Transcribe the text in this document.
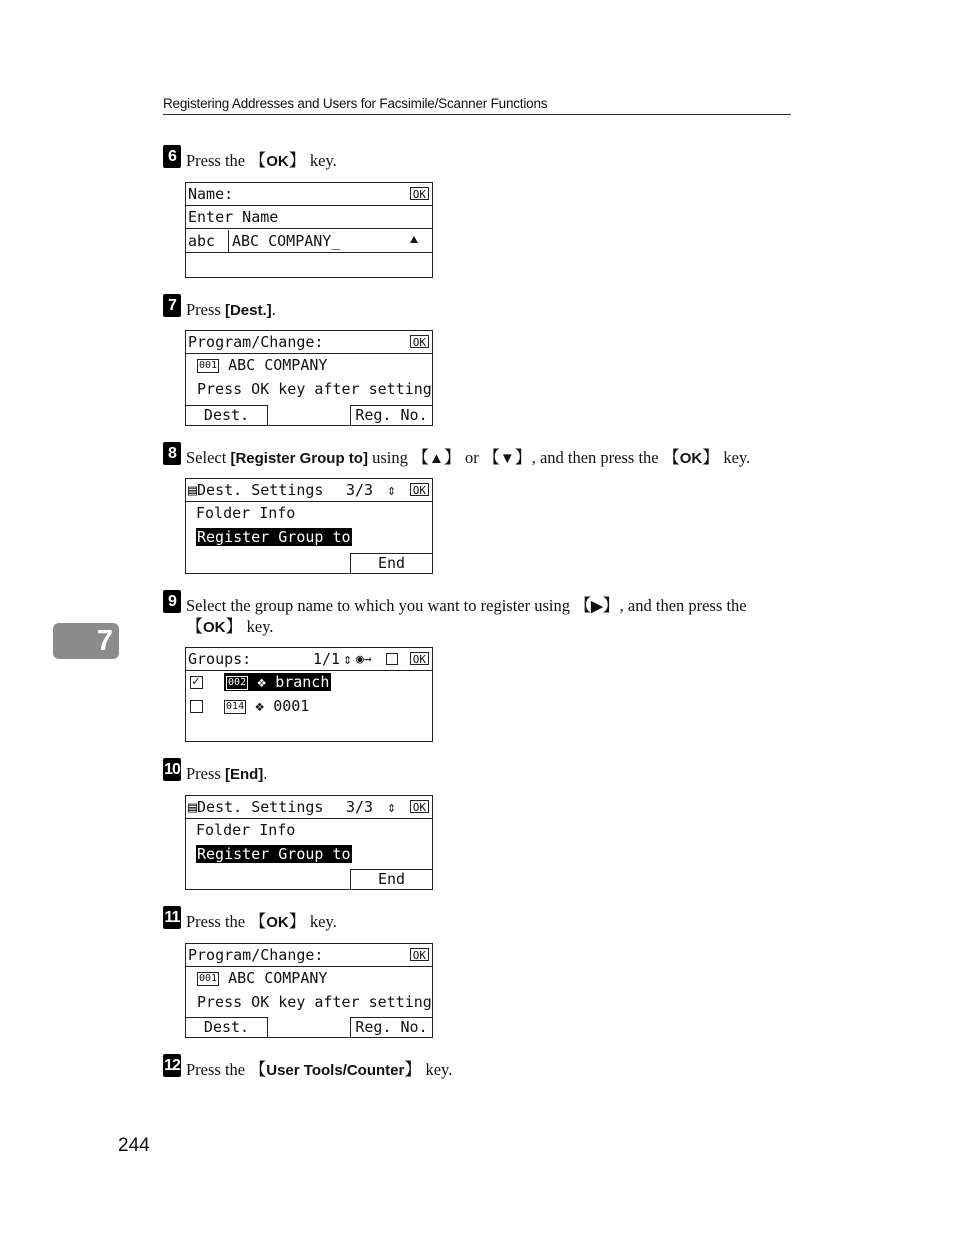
Registering Addresses and Users for Facsimile/Scanner Functions
7
6 Press the 【OK】 key.
Name:	OK
Enter Name
abc ABC COMPANY_
7 Press [Dest.].
Program/Change:	OK
001 ABC COMPANY
Press OK key after setting
Dest.	Reg. No.
8 Select [Register Group to] using 【▲】 or 【▼】, and then press the 【OK】 key.
▤Dest. Settings 3/3 ⇕ OK
Folder Info
Register Group to
End
9 Select the group name to which you want to register using 【▶】, and then press the 【OK】 key.
Groups:	1/1 ⇕ ◉→	OK
✓	002 ❖ branch
014 ❖ 0001
10 Press [End].
▤Dest. Settings 3/3 ⇕ OK
Folder Info
Register Group to
End
11 Press the 【OK】 key.
Program/Change:	OK
001 ABC COMPANY
Press OK key after setting
Dest.	Reg. No.
12 Press the 【User Tools/Counter】 key.
244
